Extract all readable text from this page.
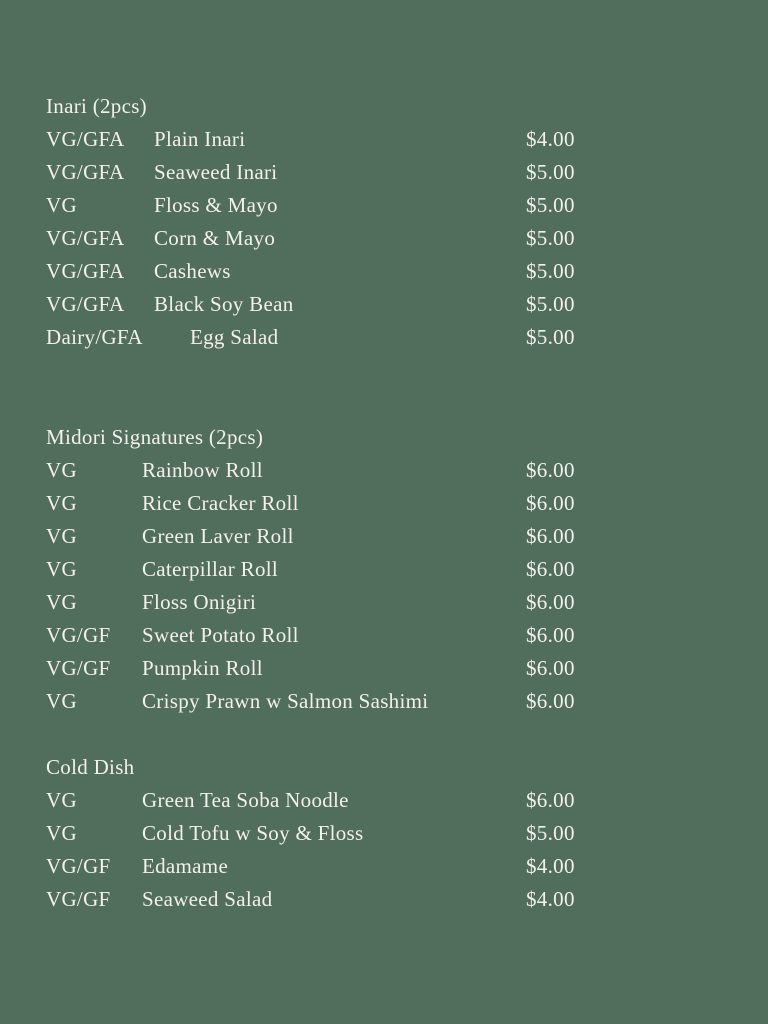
Inari (2pcs)
VG/GFA Plain Inari	$4.00
VG/GFA Seaweed Inari	$5.00
VG	Floss & Mayo	$5.00
VG/GFA Corn & Mayo	$5.00
VG/GFA Cashews	$5.00
VG/GFA Black Soy Bean	$5.00
Dairy/GFA Egg Salad	$5.00
Midori Signatures (2pcs)
VG	Rainbow Roll	$6.00
VG	Rice Cracker Roll	$6.00
VG	Green Laver Roll	$6.00
VG	Caterpillar Roll	$6.00
VG	Floss Onigiri	$6.00
VG/GF Sweet Potato Roll	$6.00
VG/GF Pumpkin Roll	$6.00
VG	Crispy Prawn w Salmon Sashimi	$6.00
Cold Dish
VG	Green Tea Soba Noodle	$6.00
VG	Cold Tofu w Soy & Floss	$5.00
VG/GF Edamame	$4.00
VG/GF Seaweed Salad	$4.00
